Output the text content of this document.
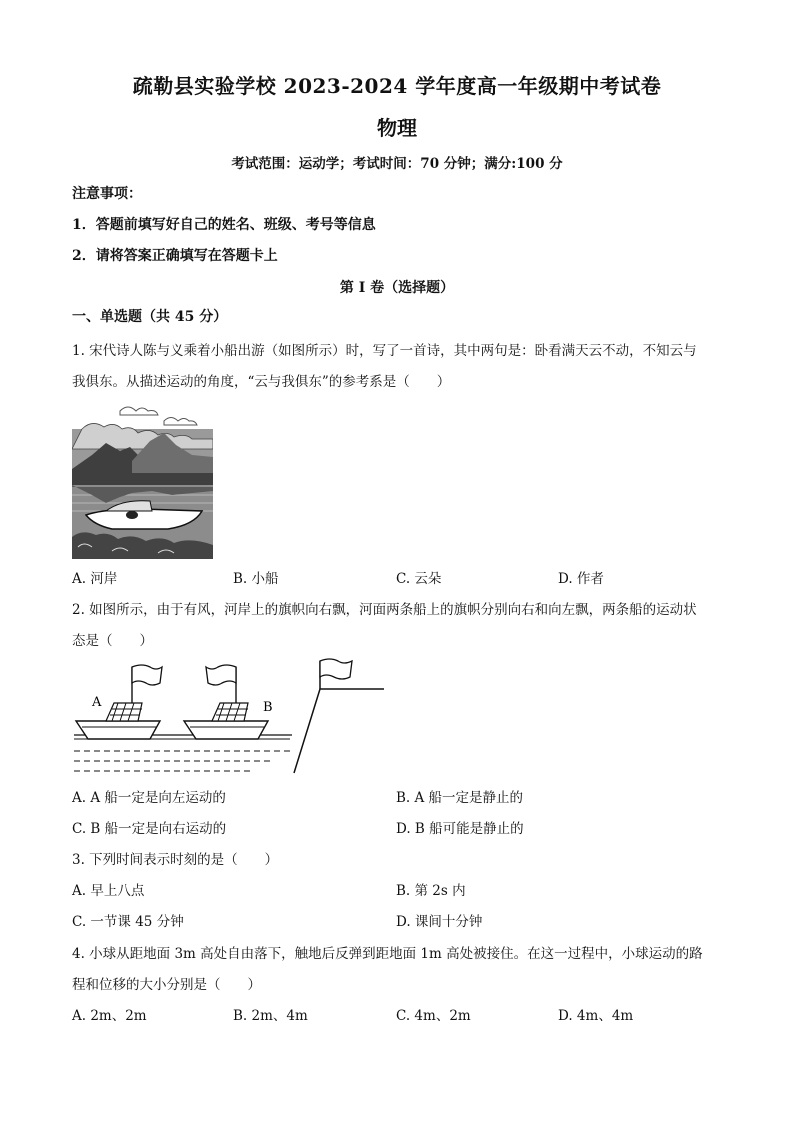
疏勒县实验学校 2023-2024 学年度高一年级期中考试卷
物理
考试范围：运动学；考试时间：70 分钟；满分:100 分
注意事项：
1．答题前填写好自己的姓名、班级、考号等信息
2．请将答案正确填写在答题卡上
第 I 卷（选择题）
一、单选题（共 45 分）
1. 宋代诗人陈与义乘着小船出游（如图所示）时，写了一首诗，其中两句是：卧看满天云不动，不知云与
我俱东。从描述运动的角度，“云与我俱东”的参考系是（　　）
A. 河岸	B. 小船	C. 云朵	D. 作者
2. 如图所示，由于有风，河岸上的旗帜向右飘，河面两条船上的旗帜分别向右和向左飘，两条船的运动状
态是（　　）
A	B
A. A 船一定是向左运动的	B. A 船一定是静止的
C. B 船一定是向右运动的	D. B 船可能是静止的
3. 下列时间表示时刻的是（　　）
A. 早上八点	B. 第 2s 内
C. 一节课 45 分钟	D. 课间十分钟
4. 小球从距地面 3m 高处自由落下，触地后反弹到距地面 1m 高处被接住。在这一过程中，小球运动的路
程和位移的大小分别是（　　）
A. 2m、2m	B. 2m、4m	C. 4m、2m	D. 4m、4m
